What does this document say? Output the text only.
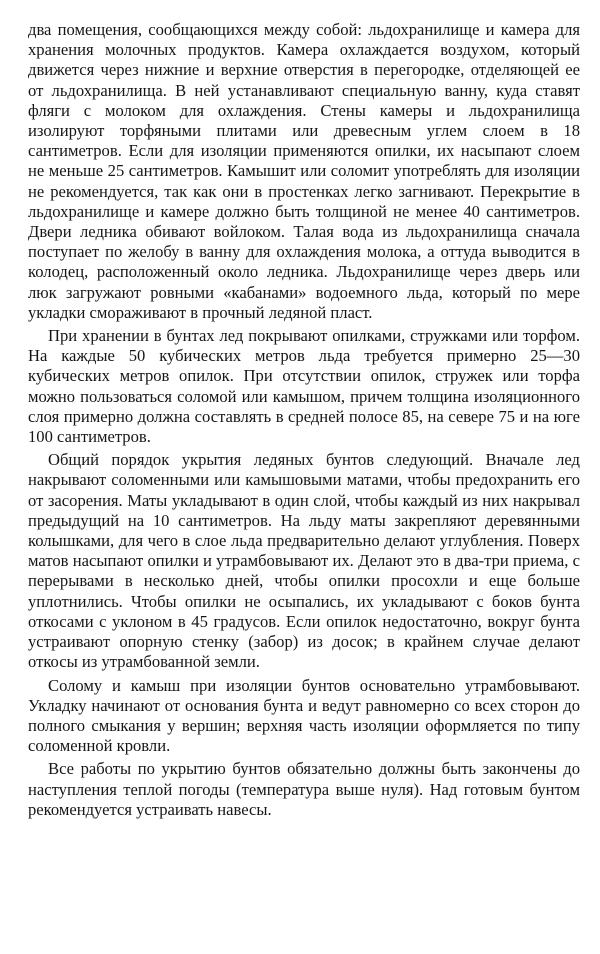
два помещения, сообщающихся между собой: льдохранилище и камера для хранения молочных продуктов. Камера охлаждается воздухом, который движется через нижние и верхние отверстия в перегородке, отделяющей ее от льдохранилища. В ней устанавливают специальную ванну, куда ставят фляги с молоком для охлаждения. Стены камеры и льдохранилища изолируют торфяными плитами или древесным углем слоем в 18 сантиметров. Если для изоляции применяются опилки, их насыпают слоем не меньше 25 сантиметров. Камышит или соломит употреблять для изоляции не рекомендуется, так как они в простенках легко загнивают. Перекрытие в льдохранилище и камере должно быть толщиной не менее 40 сантиметров. Двери ледника обивают войлоком. Талая вода из льдохранилища сначала поступает по желобу в ванну для охлаждения молока, а оттуда выводится в колодец, расположенный около ледника. Льдохранилище через дверь или люк загружают ровными «кабанами» водоемного льда, который по мере укладки смораживают в прочный ледяной пласт.

При хранении в бунтах лед покрывают опилками, стружками или торфом. На каждые 50 кубических метров льда требуется примерно 25—30 кубических метров опилок. При отсутствии опилок, стружек или торфа можно пользоваться соломой или камышом, причем толщина изоляционного слоя примерно должна составлять в средней полосе 85, на севере 75 и на юге 100 сантиметров.

Общий порядок укрытия ледяных бунтов следующий. Вначале лед накрывают соломенными или камышовыми матами, чтобы предохранить его от засорения. Маты укладывают в один слой, чтобы каждый из них накрывал предыдущий на 10 сантиметров. На льду маты закрепляют деревянными колышками, для чего в слое льда предварительно делают углубления. Поверх матов насыпают опилки и утрамбовывают их. Делают это в два-три приема, с перерывами в несколько дней, чтобы опилки просохли и еще больше уплотнились. Чтобы опилки не осыпались, их укладывают с боков бунта откосами с уклоном в 45 градусов. Если опилок недостаточно, вокруг бунта устраивают опорную стенку (забор) из досок; в крайнем случае делают откосы из утрамбованной земли.

Солому и камыш при изоляции бунтов основательно утрамбовывают. Укладку начинают от основания бунта и ведут равномерно со всех сторон до полного смыкания у вершин; верхняя часть изоляции оформляется по типу соломенной кровли.

Все работы по укрытию бунтов обязательно должны быть закончены до наступления теплой погоды (температура выше нуля). Над готовым бунтом рекомендуется устраивать навесы.
